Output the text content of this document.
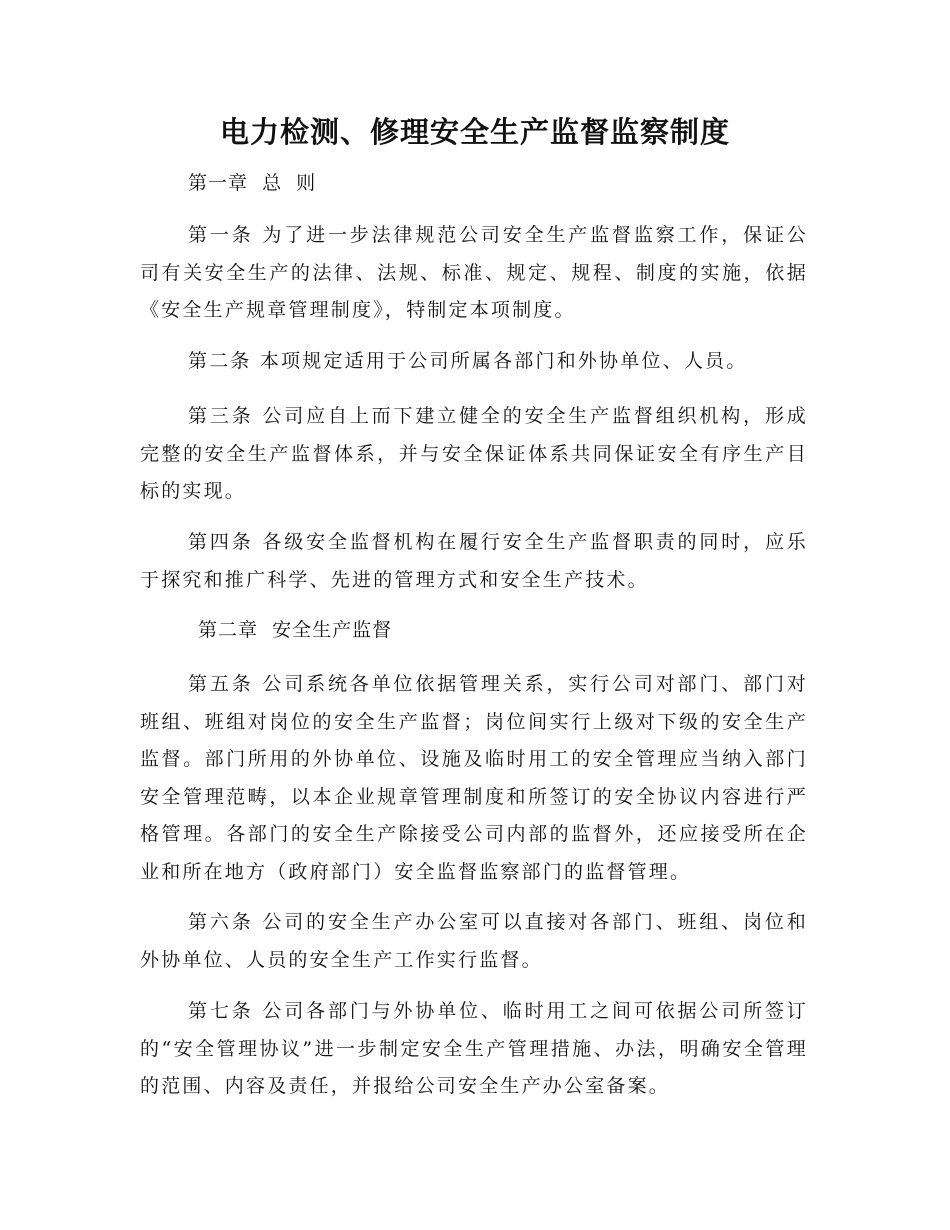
电力检测、修理安全生产监督监察制度
第一章  总  则

第一条 为了进一步法律规范公司安全生产监督监察工作，保证公司有关安全生产的法律、法规、标准、规定、规程、制度的实施，依据《安全生产规章管理制度》，特制定本项制度。

第二条 本项规定适用于公司所属各部门和外协单位、人员。

第三条 公司应自上而下建立健全的安全生产监督组织机构，形成完整的安全生产监督体系，并与安全保证体系共同保证安全有序生产目标的实现。

第四条 各级安全监督机构在履行安全生产监督职责的同时，应乐于探究和推广科学、先进的管理方式和安全生产技术。

第二章  安全生产监督

第五条 公司系统各单位依据管理关系，实行公司对部门、部门对班组、班组对岗位的安全生产监督；岗位间实行上级对下级的安全生产监督。部门所用的外协单位、设施及临时用工的安全管理应当纳入部门安全管理范畴，以本企业规章管理制度和所签订的安全协议内容进行严格管理。各部门的安全生产除接受公司内部的监督外，还应接受所在企业和所在地方（政府部门）安全监督监察部门的监督管理。

第六条 公司的安全生产办公室可以直接对各部门、班组、岗位和外协单位、人员的安全生产工作实行监督。

第七条 公司各部门与外协单位、临时用工之间可依据公司所签订的“安全管理协议”进一步制定安全生产管理措施、办法，明确安全管理的范围、内容及责任，并报给公司安全生产办公室备案。
